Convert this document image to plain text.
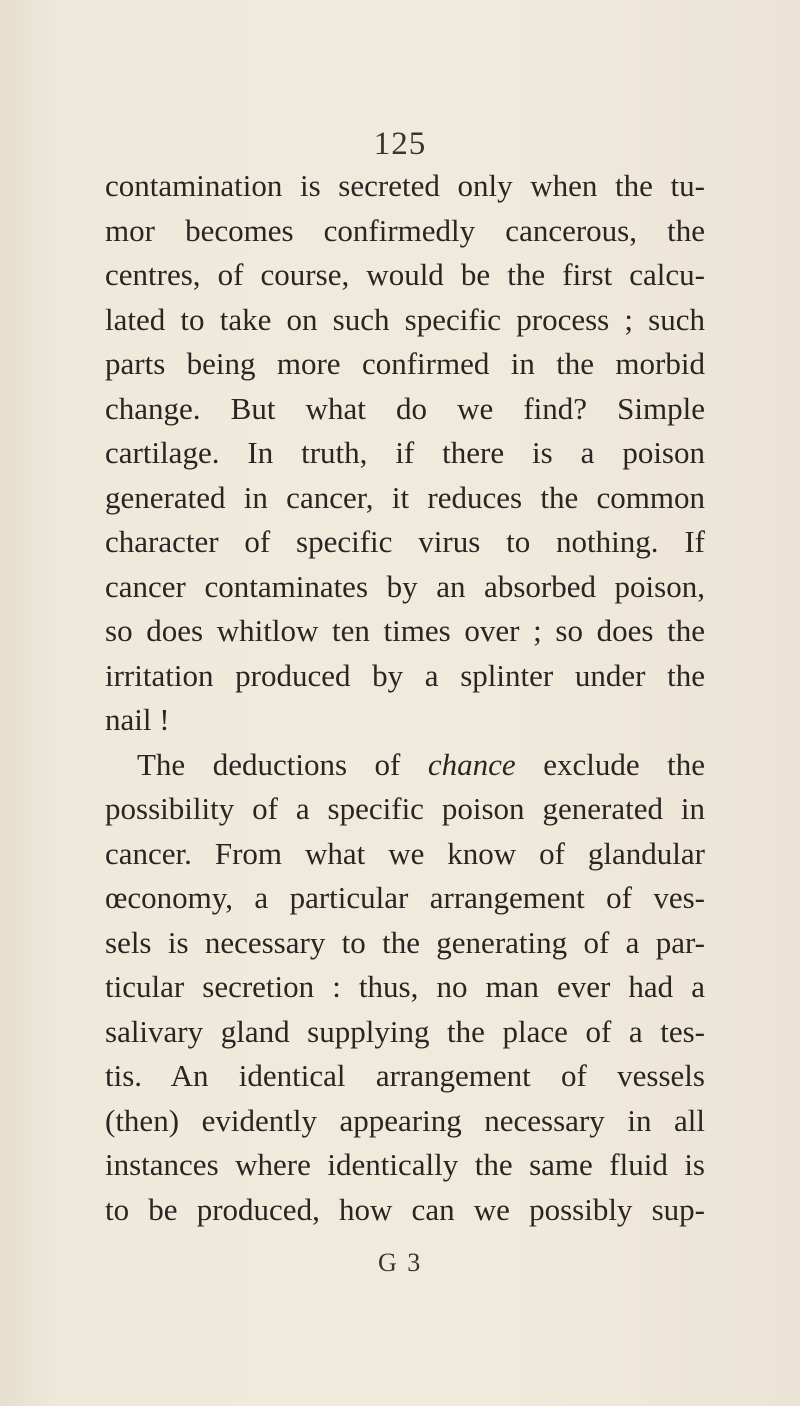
125
contamination is secreted only when the tu-
mor becomes confirmedly cancerous, the
centres, of course, would be the first calcu-
lated to take on such specific process ; such
parts being more confirmed in the morbid
change. But what do we find? Simple
cartilage. In truth, if there is a poison
generated in cancer, it reduces the common
character of specific virus to nothing. If
cancer contaminates by an absorbed poison,
so does whitlow ten times over ; so does the
irritation produced by a splinter under the
nail !
The deductions of chance exclude the
possibility of a specific poison generated in
cancer. From what we know of glandular
œconomy, a particular arrangement of ves-
sels is necessary to the generating of a par-
ticular secretion : thus, no man ever had a
salivary gland supplying the place of a tes-
tis. An identical arrangement of vessels
(then) evidently appearing necessary in all
instances where identically the same fluid is
to be produced, how can we possibly sup-
G 3
